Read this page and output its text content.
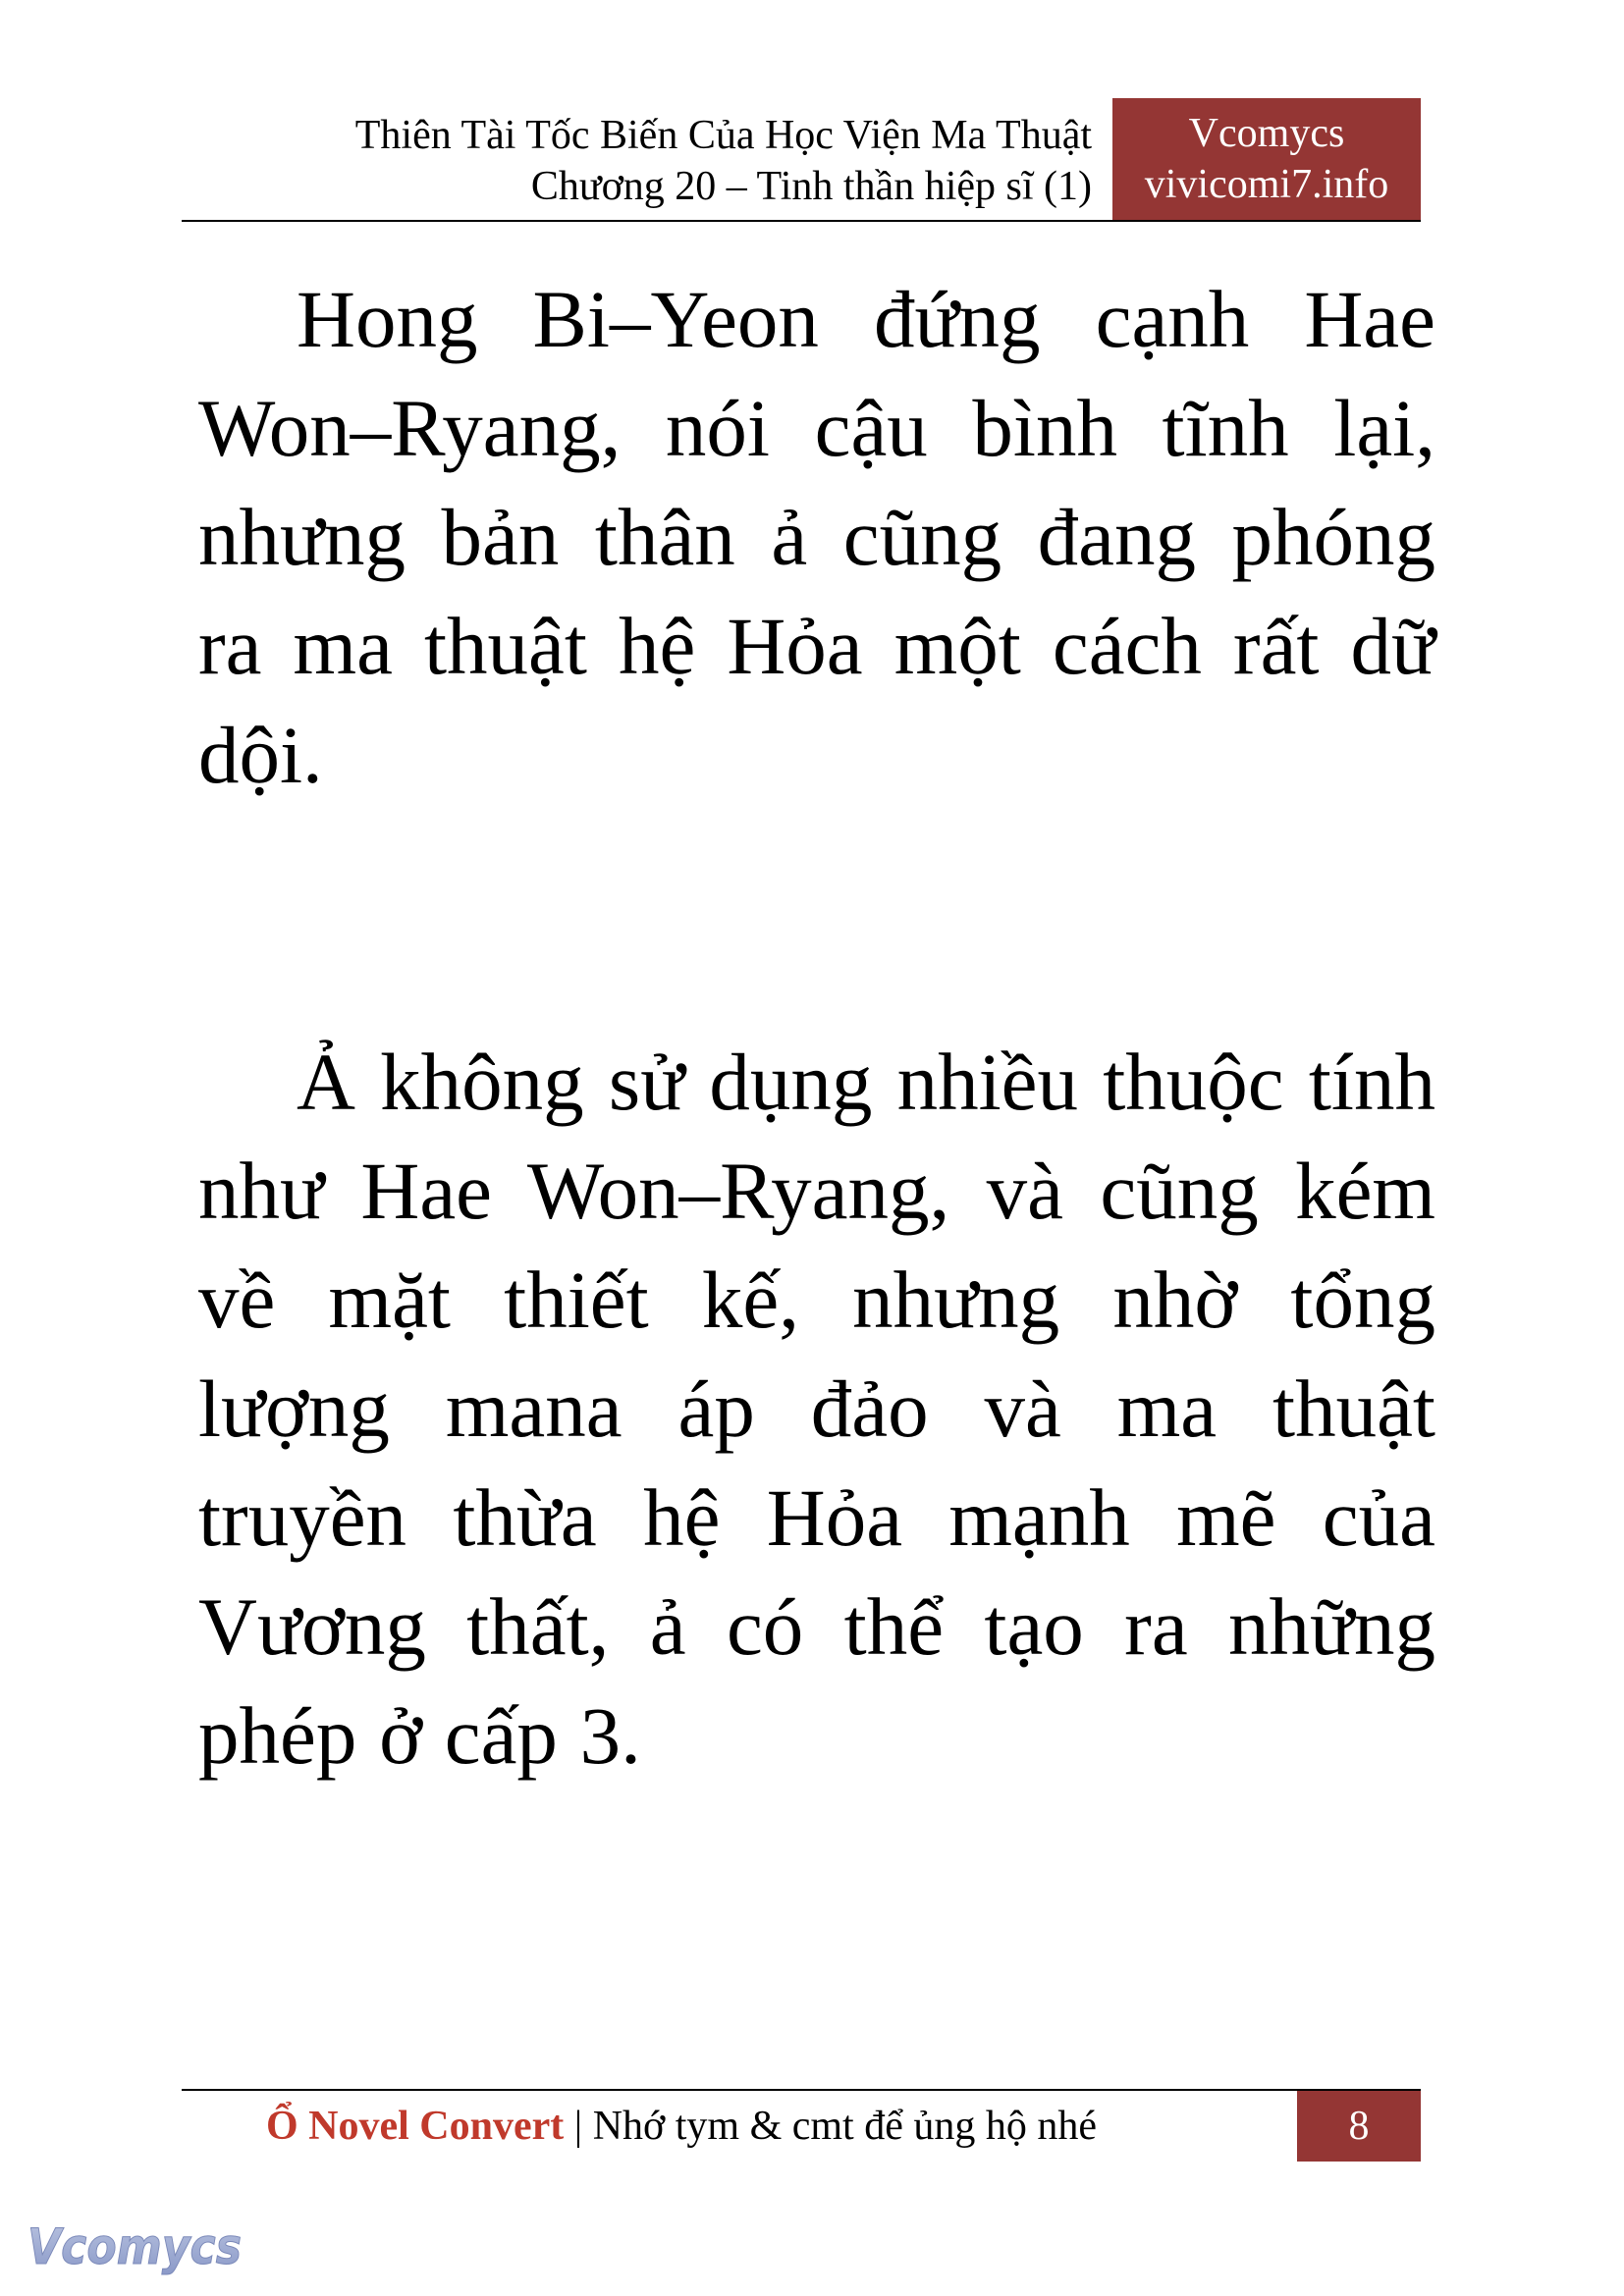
Thiên Tài Tốc Biến Của Học Viện Ma Thuật
Chương 20 – Tinh thần hiệp sĩ (1)
Vcomycs
vivicomi7.info

Hong Bi–Yeon đứng cạnh Hae Won–Ryang, nói cậu bình tĩnh lại, nhưng bản thân ả cũng đang phóng ra ma thuật hệ Hỏa một cách rất dữ dội.

Ả không sử dụng nhiều thuộc tính như Hae Won–Ryang, và cũng kém về mặt thiết kế, nhưng nhờ tổng lượng mana áp đảo và ma thuật truyền thừa hệ Hỏa mạnh mẽ của Vương thất, ả có thể tạo ra những phép ở cấp 3.

Ổ Novel Convert | Nhớ tym & cmt để ủng hộ nhé	8
Vcomycs
